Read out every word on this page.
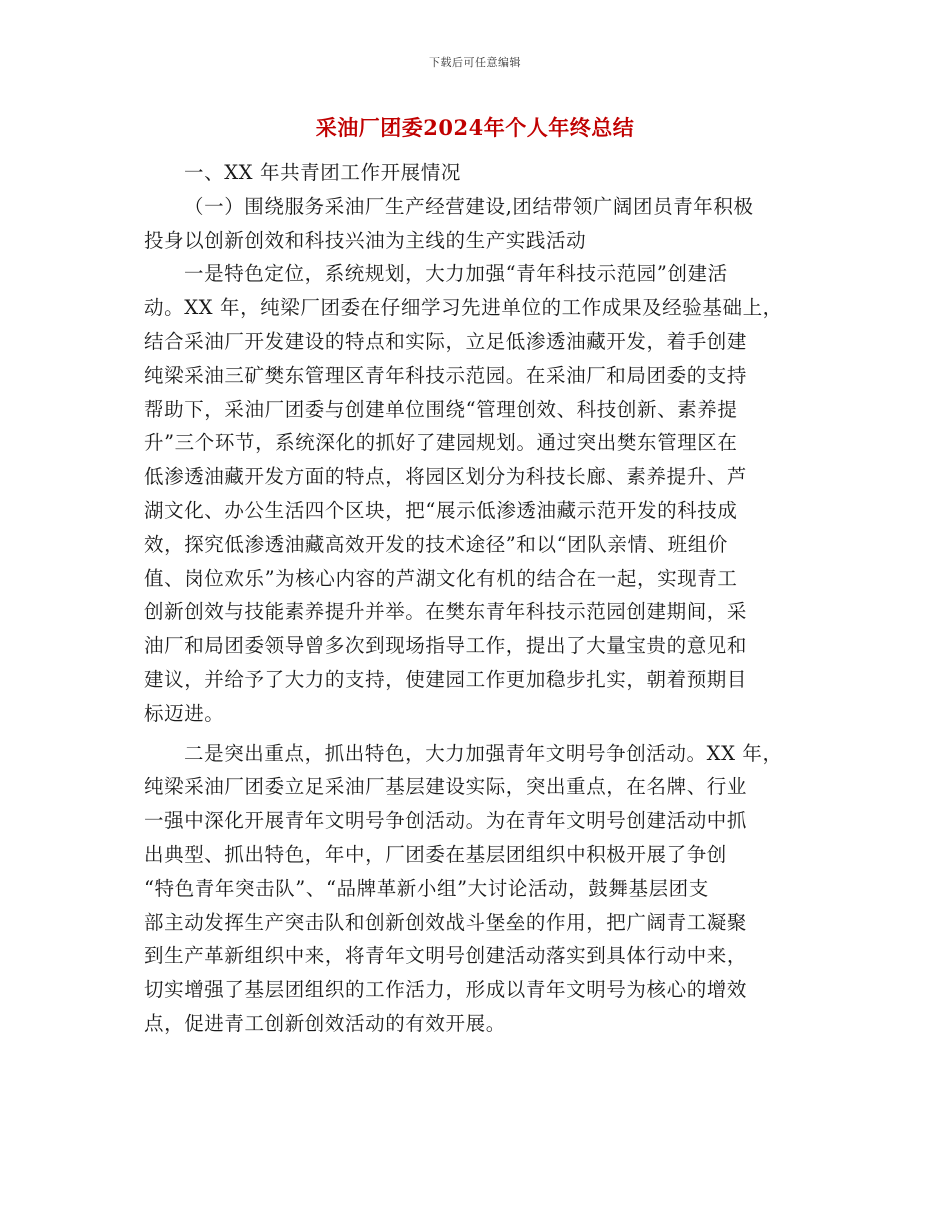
下载后可任意编辑
采油厂团委2024年个人年终总结

一、XX 年共青团工作开展情况

（一）围绕服务采油厂生产经营建设,团结带领广阔团员青年积极

投身以创新创效和科技兴油为主线的生产实践活动

一是特色定位，系统规划，大力加强“青年科技示范园”创建活

动。XX 年，纯梁厂团委在仔细学习先进单位的工作成果及经验基础上，

结合采油厂开发建设的特点和实际，立足低渗透油藏开发，着手创建

纯梁采油三矿樊东管理区青年科技示范园。在采油厂和局团委的支持

帮助下，采油厂团委与创建单位围绕“管理创效、科技创新、素养提

升”三个环节，系统深化的抓好了建园规划。通过突出樊东管理区在

低渗透油藏开发方面的特点，将园区划分为科技长廊、素养提升、芦

湖文化、办公生活四个区块，把“展示低渗透油藏示范开发的科技成

效，探究低渗透油藏高效开发的技术途径”和以“团队亲情、班组价

值、岗位欢乐”为核心内容的芦湖文化有机的结合在一起，实现青工

创新创效与技能素养提升并举。在樊东青年科技示范园创建期间，采

油厂和局团委领导曾多次到现场指导工作，提出了大量宝贵的意见和

建议，并给予了大力的支持，使建园工作更加稳步扎实，朝着预期目

标迈进。

二是突出重点，抓出特色，大力加强青年文明号争创活动。XX 年，

纯梁采油厂团委立足采油厂基层建设实际，突出重点，在名牌、行业

一强中深化开展青年文明号争创活动。为在青年文明号创建活动中抓

出典型、抓出特色，年中，厂团委在基层团组织中积极开展了争创

“特色青年突击队”、“品牌革新小组”大讨论活动，鼓舞基层团支

部主动发挥生产突击队和创新创效战斗堡垒的作用，把广阔青工凝聚

到生产革新组织中来，将青年文明号创建活动落实到具体行动中来，

切实增强了基层团组织的工作活力，形成以青年文明号为核心的增效

点，促进青工创新创效活动的有效开展。
